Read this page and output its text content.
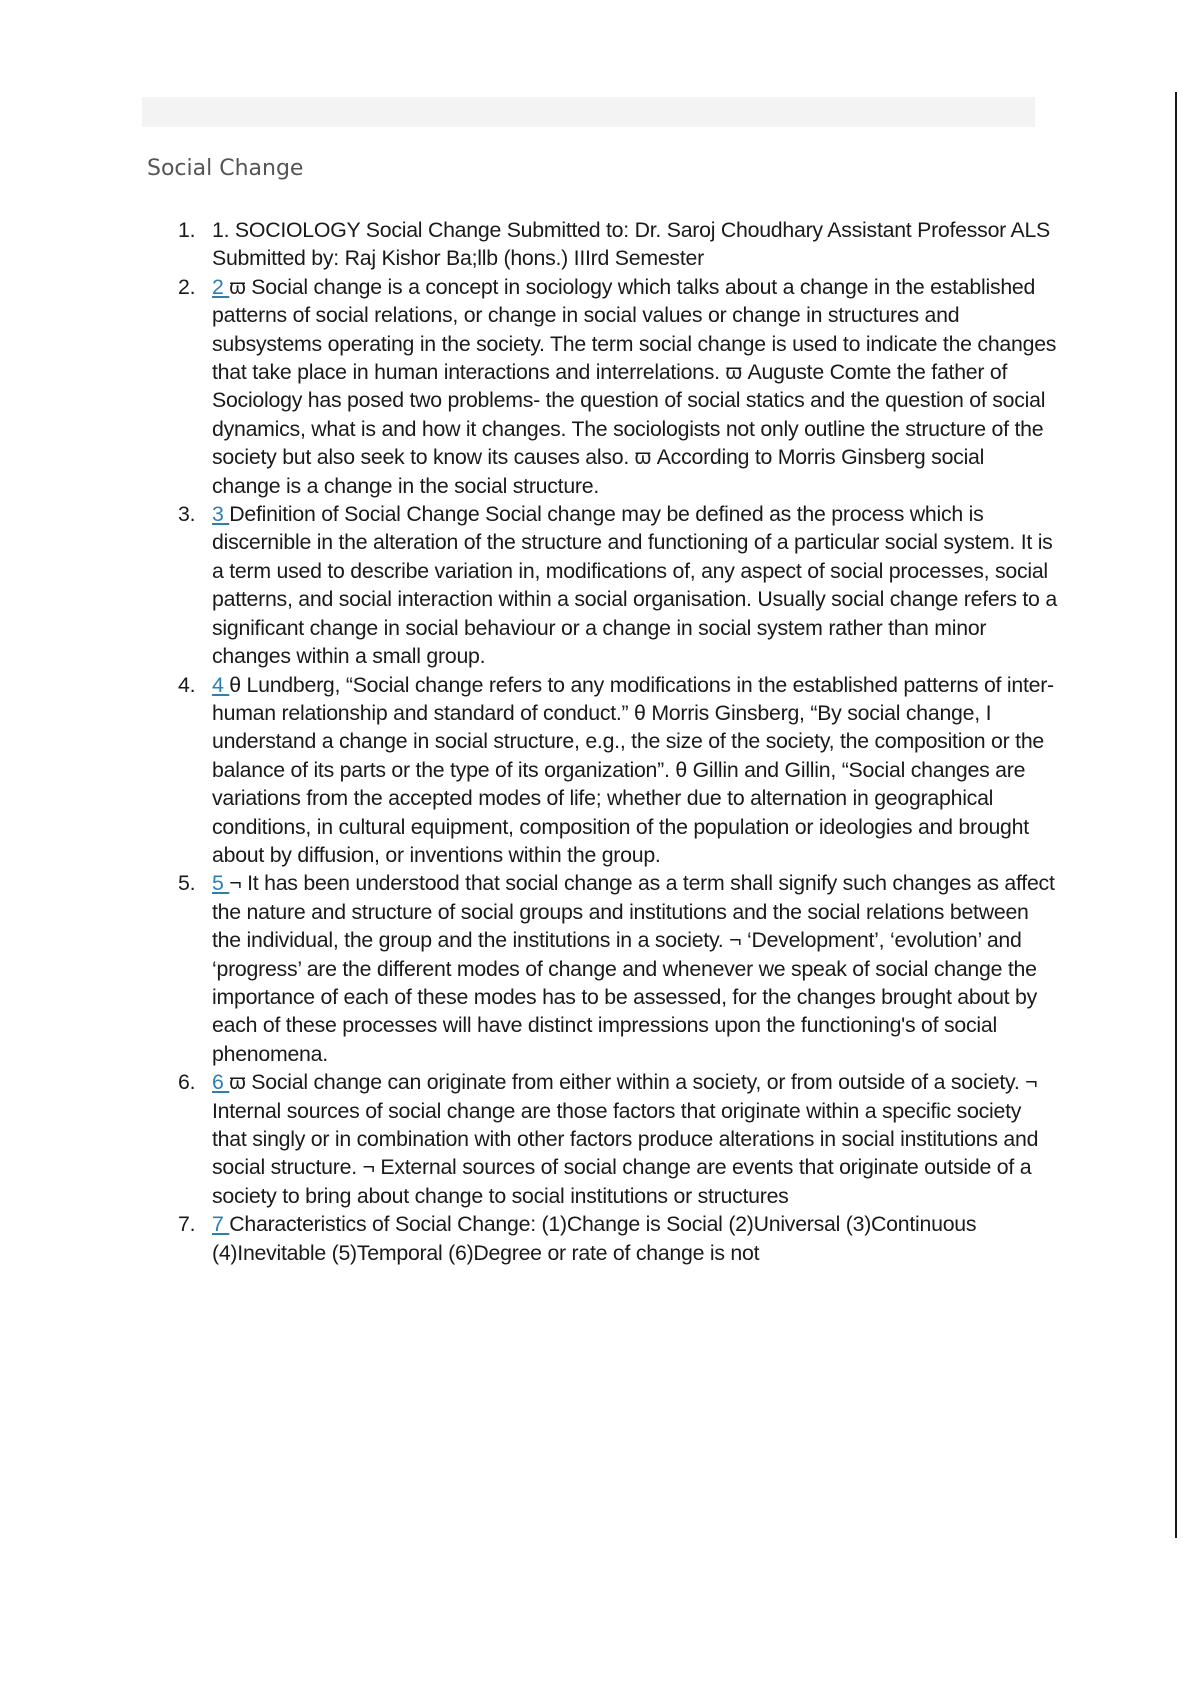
Social Change
1. 1. SOCIOLOGY Social Change Submitted to: Dr. Saroj Choudhary Assistant Professor ALS Submitted by: Raj Kishor Ba;llb (hons.) IIIrd Semester
2. 2 ϖ Social change is a concept in sociology which talks about a change in the established patterns of social relations, or change in social values or change in structures and subsystems operating in the society. The term social change is used to indicate the changes that take place in human interactions and interrelations. ϖ Auguste Comte the father of Sociology has posed two problems- the question of social statics and the question of social dynamics, what is and how it changes. The sociologists not only outline the structure of the society but also seek to know its causes also. ϖ According to Morris Ginsberg social change is a change in the social structure.
3. 3 Definition of Social Change Social change may be defined as the process which is discernible in the alteration of the structure and functioning of a particular social system. It is a term used to describe variation in, modifications of, any aspect of social processes, social patterns, and social interaction within a social organisation. Usually social change refers to a significant change in social behaviour or a change in social system rather than minor changes within a small group.
4. 4 θ Lundberg, “Social change refers to any modifications in the established patterns of inter-human relationship and standard of conduct.” θ Morris Ginsberg, “By social change, I understand a change in social structure, e.g., the size of the society, the composition or the balance of its parts or the type of its organization”. θ Gillin and Gillin, “Social changes are variations from the accepted modes of life; whether due to alternation in geographical conditions, in cultural equipment, composition of the population or ideologies and brought about by diffusion, or inventions within the group.
5. 5 ¬ It has been understood that social change as a term shall signify such changes as affect the nature and structure of social groups and institutions and the social relations between the individual, the group and the institutions in a society. ¬ ‘Development’, ‘evolution’ and ‘progress’ are the different modes of change and whenever we speak of social change the importance of each of these modes has to be assessed, for the changes brought about by each of these processes will have distinct impressions upon the functioning's of social phenomena.
6. 6 ϖ Social change can originate from either within a society, or from outside of a society. ¬ Internal sources of social change are those factors that originate within a specific society that singly or in combination with other factors produce alterations in social institutions and social structure. ¬ External sources of social change are events that originate outside of a society to bring about change to social institutions or structures
7. 7 Characteristics of Social Change: (1)Change is Social (2)Universal (3)Continuous (4)Inevitable (5)Temporal (6)Degree or rate of change is not
